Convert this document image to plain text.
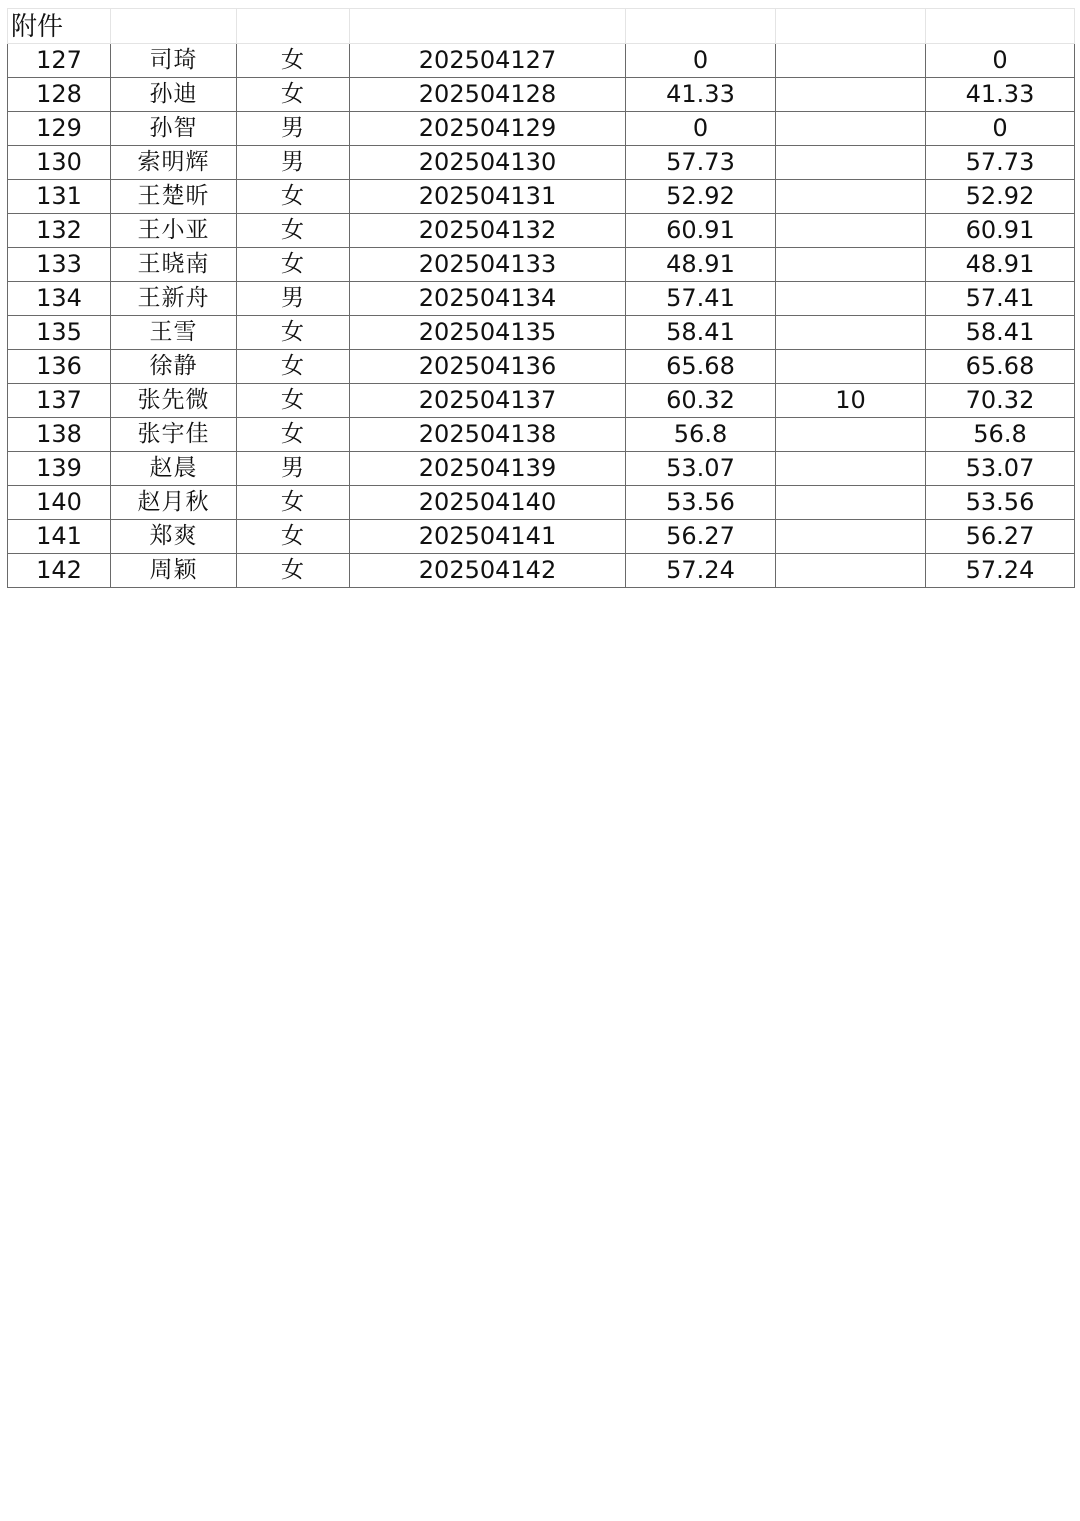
附件						
127	司琦	女	202504127	0		0
128	孙迪	女	202504128	41.33		41.33
129	孙智	男	202504129	0		0
130	索明辉	男	202504130	57.73		57.73
131	王楚昕	女	202504131	52.92		52.92
132	王小亚	女	202504132	60.91		60.91
133	王晓南	女	202504133	48.91		48.91
134	王新舟	男	202504134	57.41		57.41
135	王雪	女	202504135	58.41		58.41
136	徐静	女	202504136	65.68		65.68
137	张先微	女	202504137	60.32	10	70.32
138	张宇佳	女	202504138	56.8		56.8
139	赵晨	男	202504139	53.07		53.07
140	赵月秋	女	202504140	53.56		53.56
141	郑爽	女	202504141	56.27		56.27
142	周颖	女	202504142	57.24		57.24
